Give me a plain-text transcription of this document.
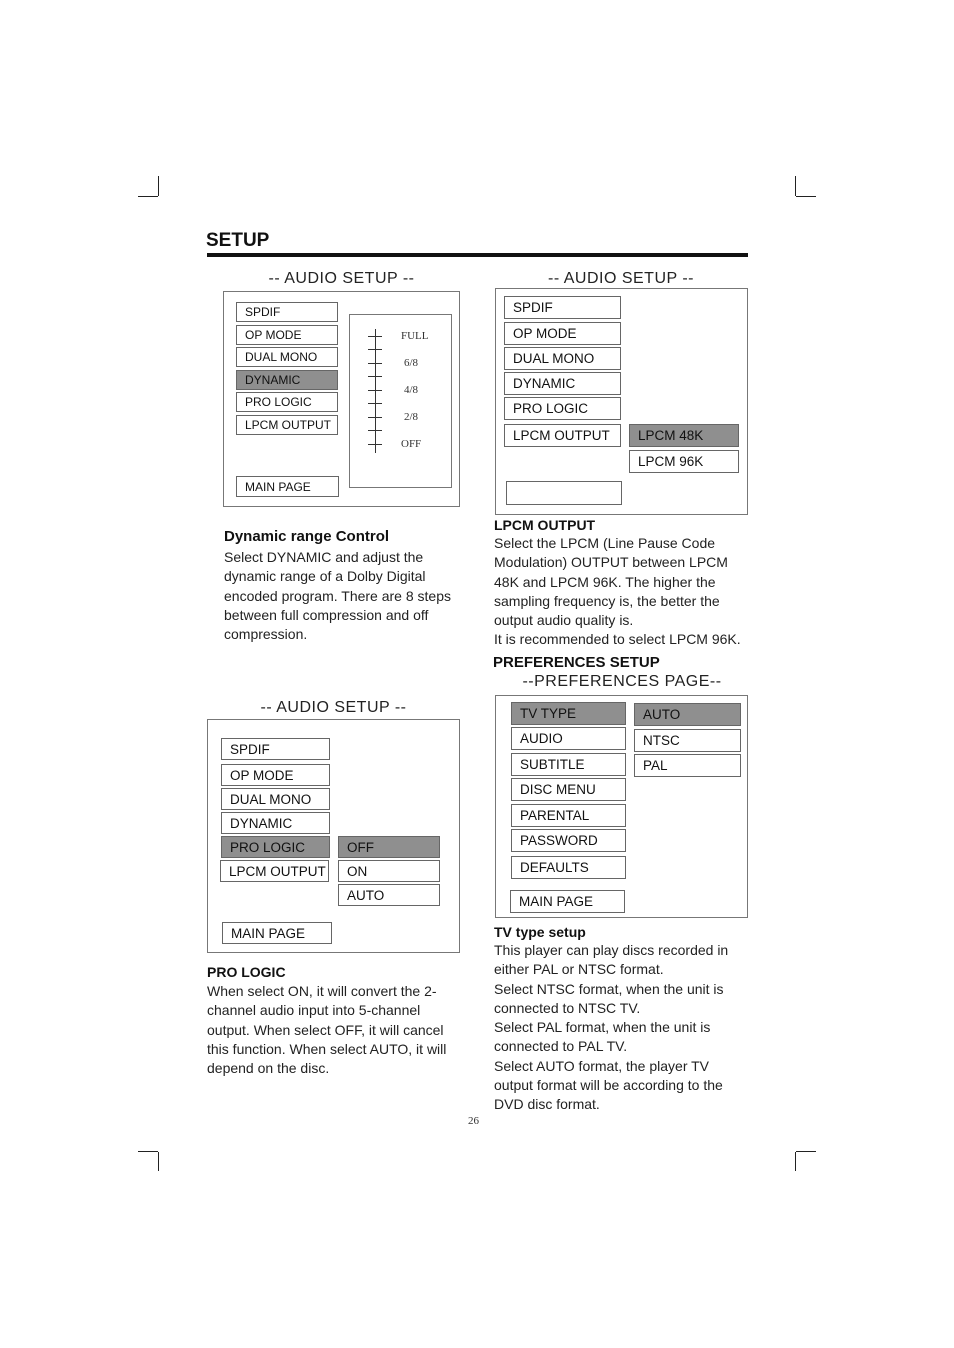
SETUP
-- AUDIO SETUP --
SPDIF
OP MODE
DUAL MONO
DYNAMIC
PRO LOGIC
LPCM OUTPUT
MAIN PAGE
FULL
6/8
4/8
2/8
OFF
Dynamic range Control

Select DYNAMIC and adjust the

dynamic range of a Dolby Digital

encoded program. There are 8 steps

between full compression and off

compression.

-- AUDIO SETUP --
SPDIF
OP MODE
DUAL MONO
DYNAMIC
PRO LOGIC
LPCM OUTPUT	LPCM 48K
LPCM 96K
LPCM OUTPUT

Select the LPCM (Line Pause Code

Modulation) OUTPUT between LPCM

48K and LPCM 96K. The higher the

sampling frequency is, the better the

output audio quality is.

It is recommended to select LPCM 96K.

PREFERENCES SETUP
--PREFERENCES PAGE--
TV TYPE
AUDIO
SUBTITLE
DISC MENU
PARENTAL
PASSWORD
DEFAULTS
AUTO
NTSC
PAL
MAIN PAGE
TV type setup

This player can play discs recorded in

either PAL or NTSC format.

Select NTSC format, when the unit is

connected to NTSC TV.

Select PAL format, when the unit is

connected to PAL TV.

Select AUTO format, the player TV

output format will be according to the

DVD disc format.

-- AUDIO SETUP --
SPDIF
OP MODE
DUAL MONO
DYNAMIC
PRO LOGIC
LPCM OUTPUT
OFF
ON
AUTO
MAIN PAGE
PRO LOGIC

When select ON, it will convert the 2-

channel audio input into 5-channel

output. When select OFF, it will cancel

this function. When select AUTO, it will

depend on the disc.

26
